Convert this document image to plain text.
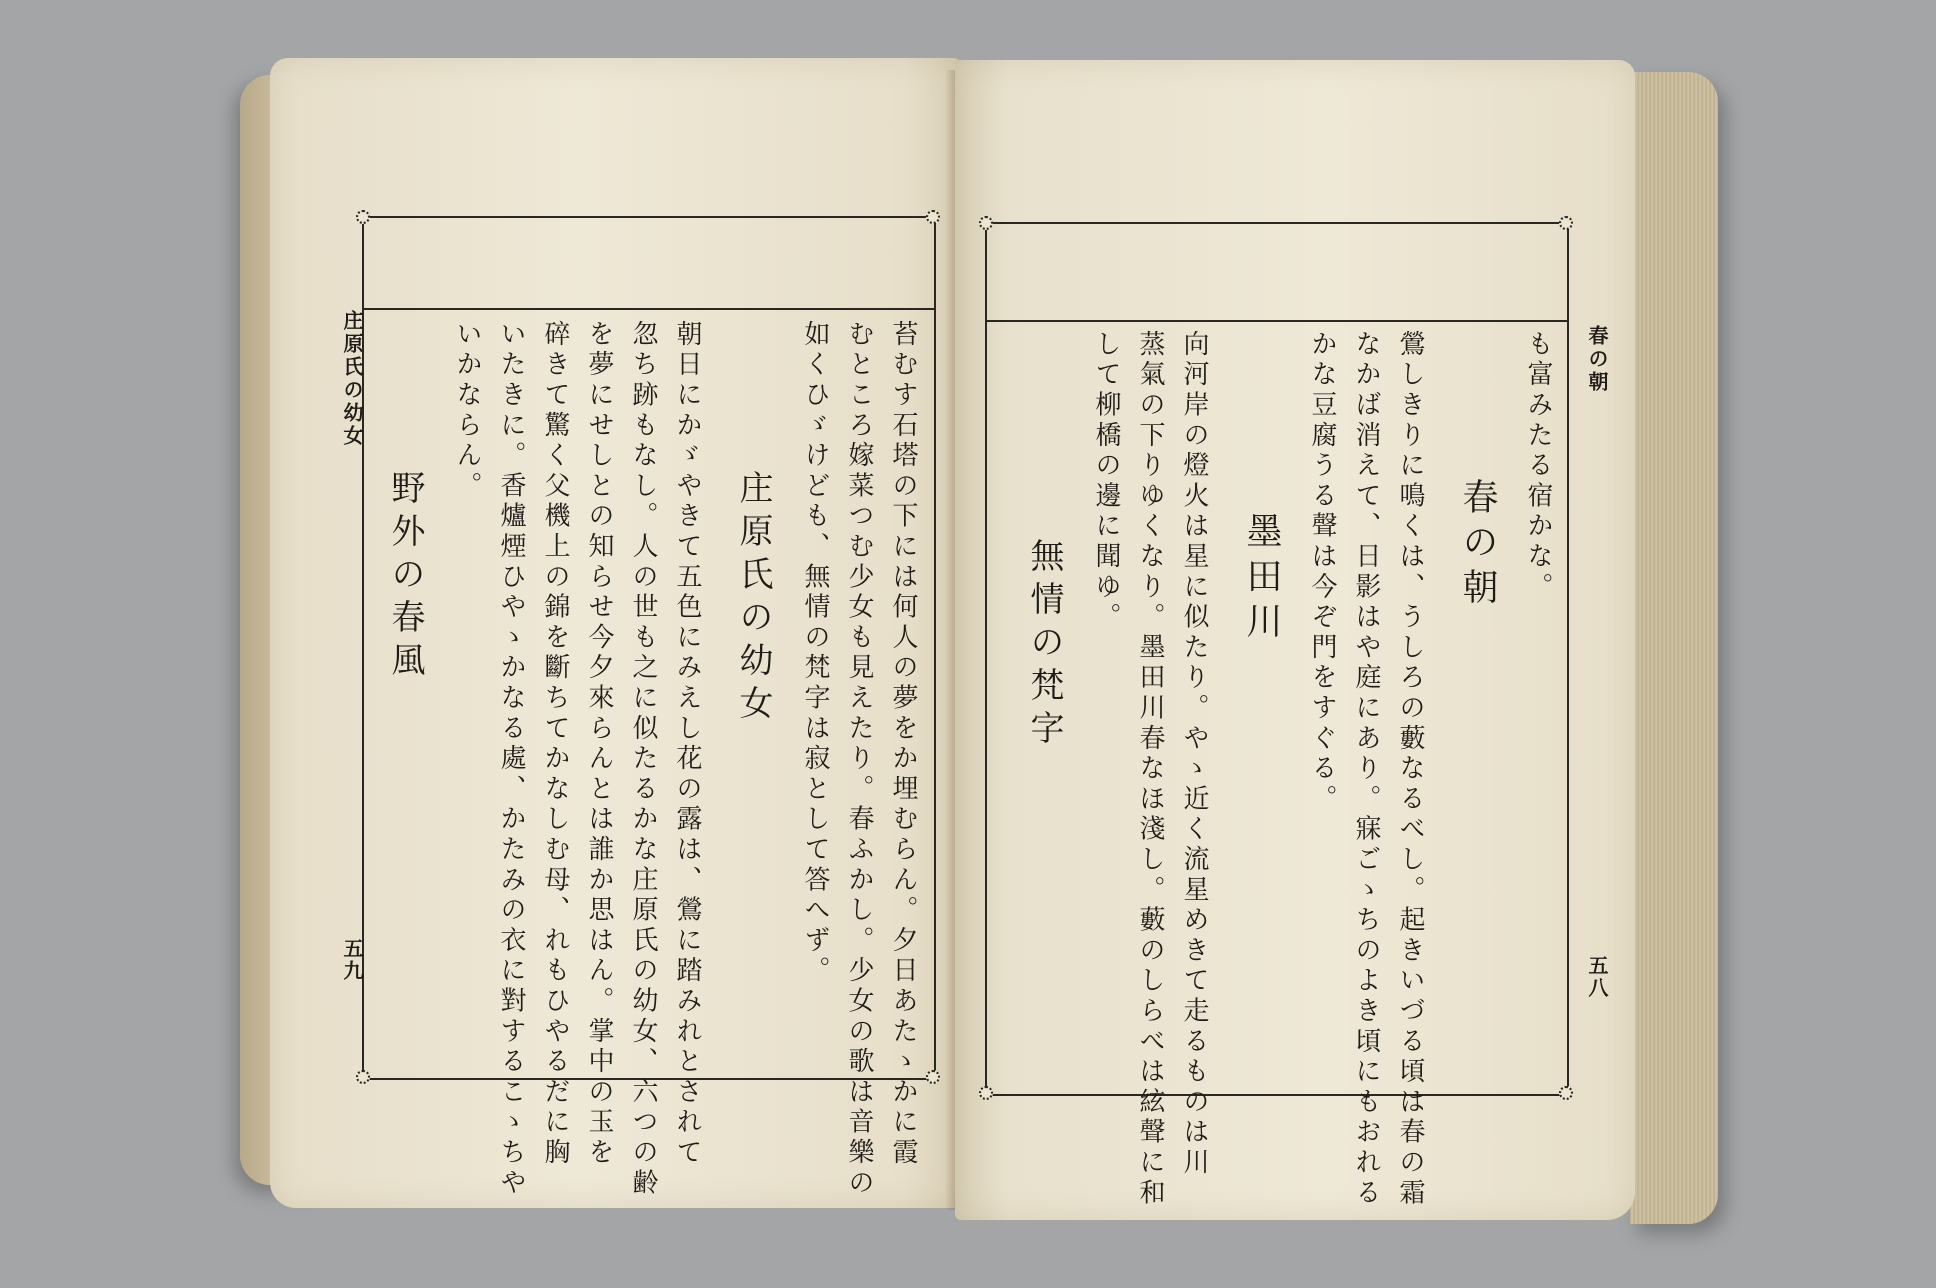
庄原氏の幼女
五九	苔むす石塔の下には何人の夢をか埋むらん。夕日あたゝかに霞
むところ嫁菜つむ少女も見えたり。春ふかし。少女の歌は音樂の
如くひゞけども、無情の梵字は寂として答へず。
庄原氏の幼女
朝日にかゞやきて五色にみえし花の露は、鶯に踏みれとされて
忽ち跡もなし。人の世も之に似たるかな庄原氏の幼女、六つの齢
を夢にせしとの知らせ今夕來らんとは誰か思はん。掌中の玉を
碎きて驚く父機上の錦を斷ちてかなしむ母、れもひやるだに胸
いたきに。香爐煙ひやゝかなる處、かたみの衣に對するこゝちや
いかならん。
野外の春風
春の朝
五八
も富みたる宿かな。
春の朝
鶯しきりに鳴くは、うしろの藪なるべし。起きいづる頃は春の霜
なかば消えて、日影はや庭にあり。寐ごゝちのよき頃にもおれる
かな豆腐うる聲は今ぞ門をすぐる。
墨田川
向河岸の燈火は星に似たり。やゝ近く流星めきて走るものは川
蒸氣の下りゆくなり。墨田川春なほ淺し。藪のしらべは絃聲に和
して柳橋の邊に聞ゆ。
無情の梵字
